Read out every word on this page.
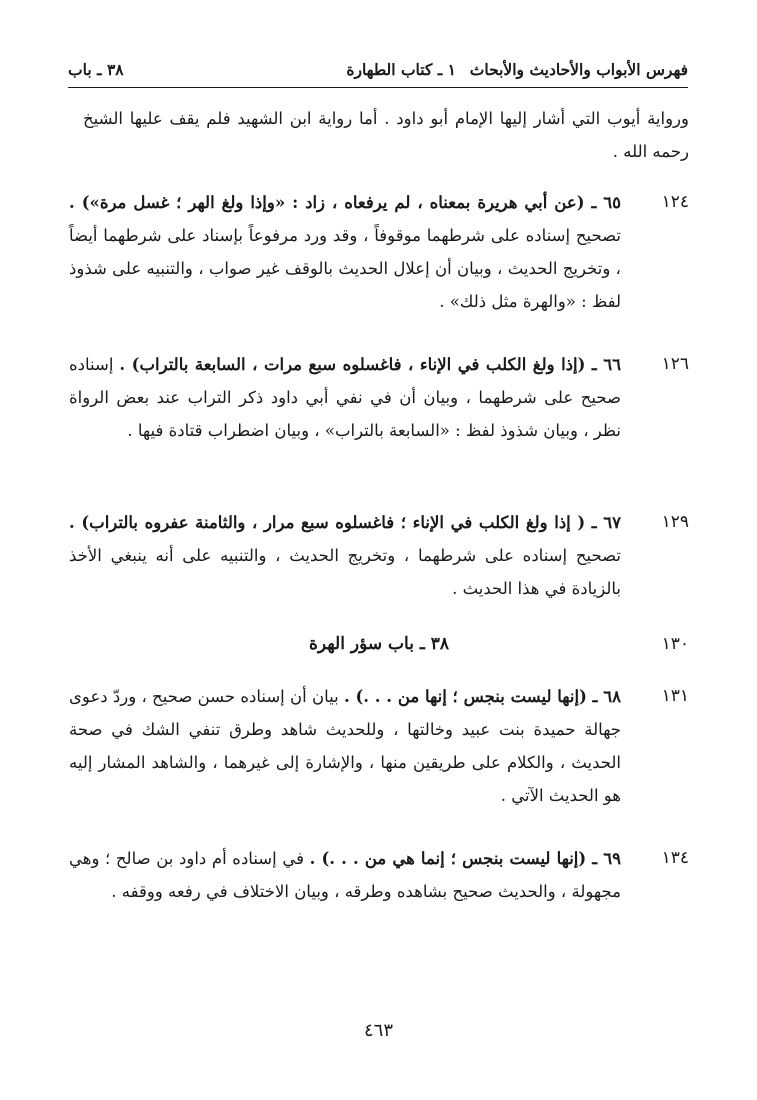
فهرس الأبواب والأحاديث والأبحاث
١ ـ كتاب الطهارة
٣٨ ـ باب
ورواية أيوب التي أشار إليها الإمام أبو داود . أما رواية ابن الشهيد فلم يقف عليها الشيخ رحمه الله .
١٢٤
٦٥ ـ (عن أبي هريرة بمعناه ، لم يرفعاه ، زاد : «وإذا ولغ الهر ؛ غسل مرة») . تصحيح إسناده على شرطهما موقوفاً ، وقد ورد مرفوعاً بإسناد على شرطهما أيضاً ، وتخريج الحديث ، وبيان أن إعلال الحديث بالوقف غير صواب ، والتنبيه على شذوذ لفظ : «والهرة مثل ذلك» .
١٢٦
٦٦ ـ (إذا ولغ الكلب في الإناء ، فاغسلوه سبع مرات ، السابعة بالتراب) . إسناده صحيح على شرطهما ، وبيان أن في نفي أبي داود ذكر التراب عند بعض الرواة نظر ، وبيان شذوذ لفظ : «السابعة بالتراب» ، وبيان اضطراب قتادة فيها .
١٢٩
٦٧ ـ ( إذا ولغ الكلب في الإناء ؛ فاغسلوه سبع مرار ، والثامنة عفروه بالتراب) . تصحيح إسناده على شرطهما ، وتخريج الحديث ، والتنبيه على أنه ينبغي الأخذ بالزيادة في هذا الحديث .
١٣٠
٣٨ ـ باب سؤر الهرة
١٣١
٦٨ ـ (إنها ليست بنجس ؛ إنها من . . .) . بيان أن إسناده حسن صحيح ، وردّ دعوى جهالة حميدة بنت عبيد وخالتها ، وللحديث شاهد وطرق تنفي الشك في صحة الحديث ، والكلام على طريقين منها ، والإشارة إلى غيرهما ، والشاهد المشار إليه هو الحديث الآتي .
١٣٤
٦٩ ـ (إنها ليست بنجس ؛ إنما هي من . . .) . في إسناده أم داود بن صالح ؛ وهي مجهولة ، والحديث صحيح بشاهده وطرقه ، وبيان الاختلاف في رفعه ووقفه .
٤٦٣
